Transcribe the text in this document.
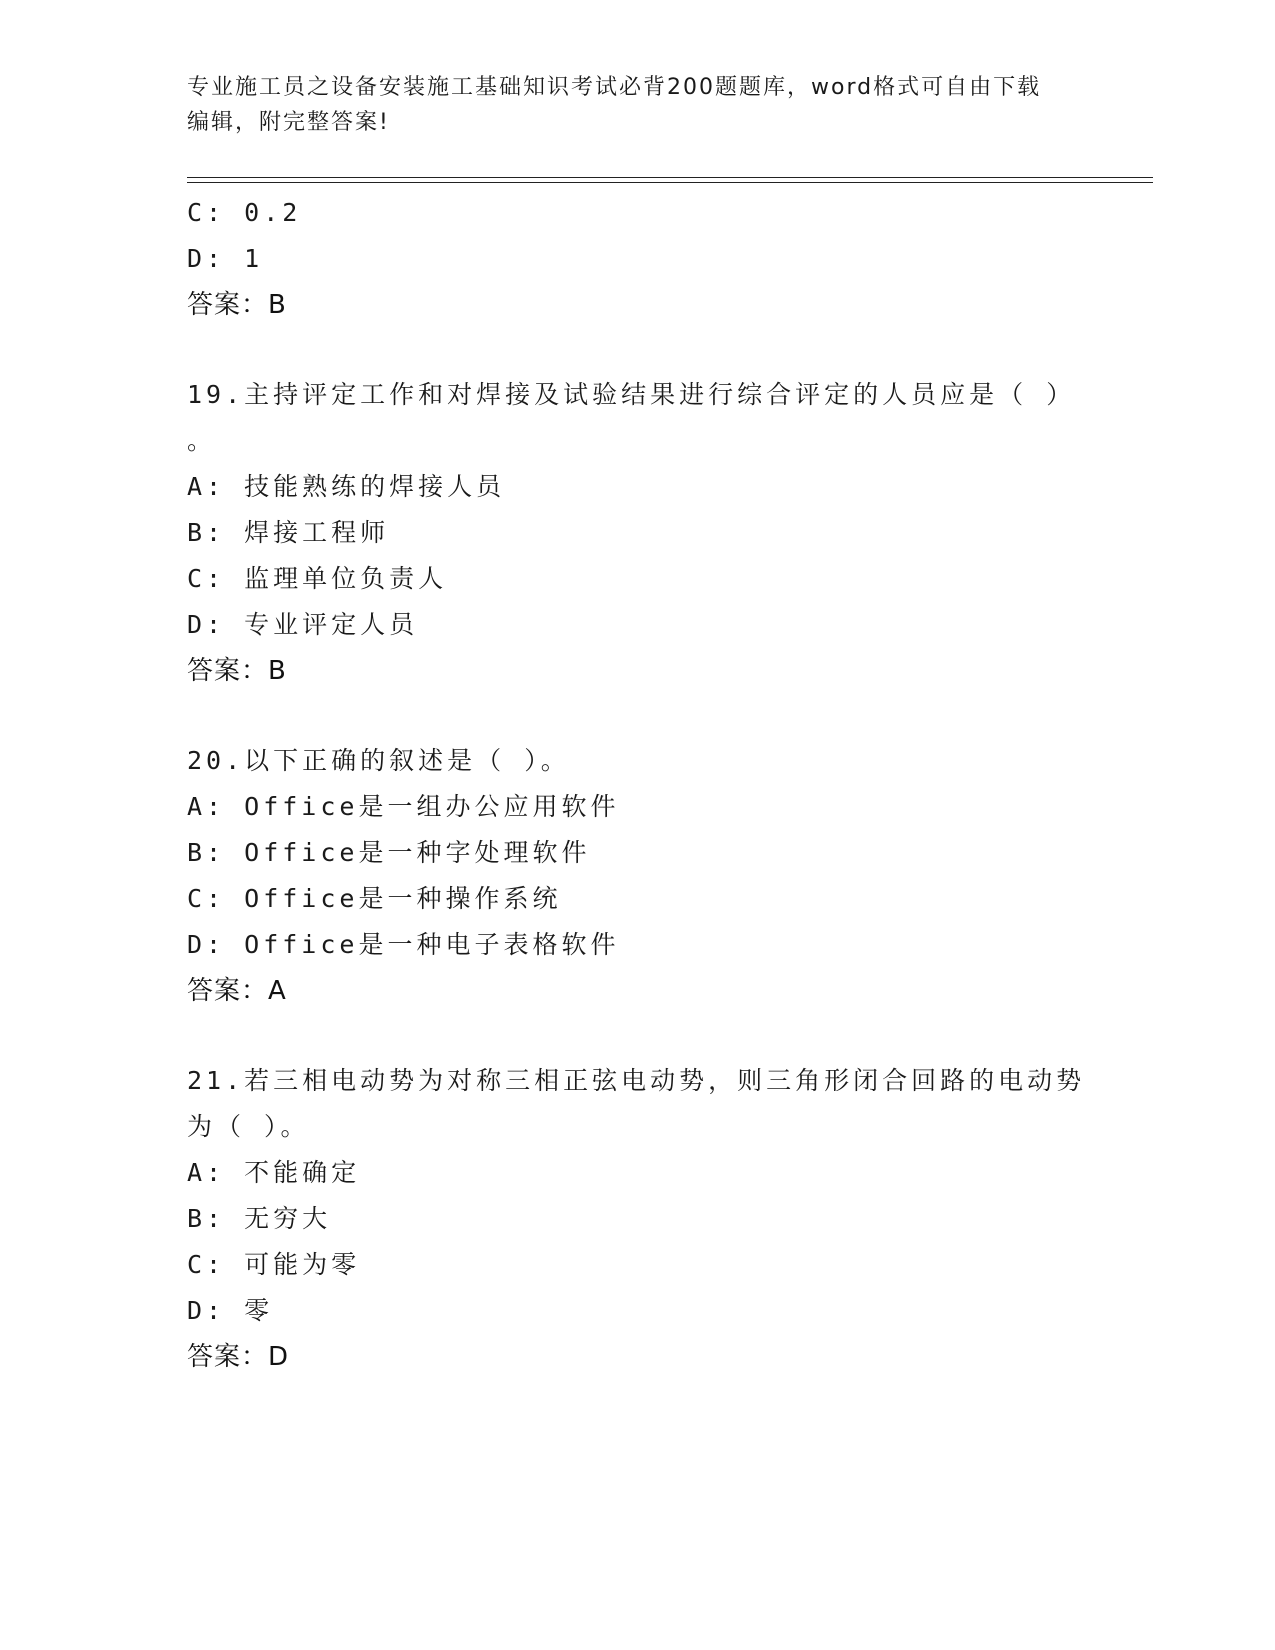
专业施工员之设备安装施工基础知识考试必背200题题库，word格式可自由下载
编辑，附完整答案!
C: 0.2
D: 1
答案：B
19.主持评定工作和对焊接及试验结果进行综合评定的人员应是（ ）
。
A: 技能熟练的焊接人员
B: 焊接工程师
C: 监理单位负责人
D: 专业评定人员
答案：B
20.以下正确的叙述是（ ）。
A: Office是一组办公应用软件
B: Office是一种字处理软件
C: Office是一种操作系统
D: Office是一种电子表格软件
答案：A
21.若三相电动势为对称三相正弦电动势，则三角形闭合回路的电动势
为（ ）。
A: 不能确定
B: 无穷大
C: 可能为零
D: 零
答案：D
